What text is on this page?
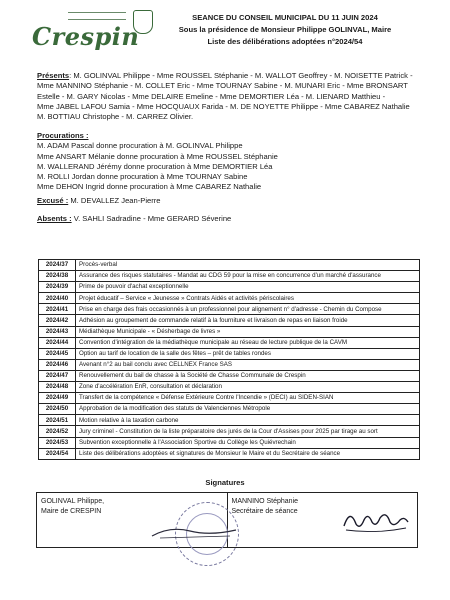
Crespin
SEANCE DU CONSEIL MUNICIPAL DU 11 JUIN 2024
Sous la présidence de Monsieur Philippe GOLINVAL, Maire
Liste des délibérations adoptées n°2024/54
Présents: M. GOLINVAL Philippe - Mme ROUSSEL Stéphanie - M. WALLOT Geoffrey - M. NOISETTE Patrick -
Mme MANNINO Stéphanie - M. COLLET Eric - Mme TOURNAY Sabine - M. MUNARI Eric - Mme BRONSART
Estelle - M. GARY Nicolas - Mme DELAIRE Emeline - Mme DEMORTIER Léa - M. LIENARD Matthieu -
Mme JABEL LAFOU Samia - Mme HOCQUAUX Farida - M. DE NOYETTE Philippe - Mme CABAREZ Nathalie
M. BOTTIAU Christophe - M. CARREZ Olivier.
Procurations :
M. ADAM Pascal donne procuration à M. GOLINVAL Philippe
Mme ANSART Mélanie donne procuration à Mme ROUSSEL Stéphanie
M. WALLERAND Jérémy donne procuration à Mme DEMORTIER Léa
M. ROLLI Jordan donne procuration à Mme TOURNAY Sabine
Mme DEHON Ingrid donne procuration à Mme CABAREZ Nathalie
Excusé : M. DEVALLEZ Jean-Pierre
Absents : V. SAHLI Sadradine - Mme GERARD Séverine
2024/37	Procès-verbal
2024/38	Assurance des risques statutaires - Mandat au CDG 59 pour la mise en concurrence d'un marché d'assurance
2024/39	Prime de pouvoir d'achat exceptionnelle
2024/40	Projet éducatif – Service « Jeunesse » Contrats Aidés et activités périscolaires
2024/41	Prise en charge des frais occasionnés à un professionnel pour alignement n° d'adresse - Chemin du Compose
2024/42	Adhésion au groupement de commande relatif à la fourniture et livraison de repas en liaison froide
2024/43	Médiathèque Municipale - « Désherbage de livres »
2024/44	Convention d'intégration de la médiathèque municipale au réseau de lecture publique de la CAVM
2024/45	Option au tarif de location de la salle des fêtes – prêt de tables rondes
2024/46	Avenant n°2 au bail conclu avec CELLNEX France SAS
2024/47	Renouvellement du bail de chasse à la Société de Chasse Communale de Crespin
2024/48	Zone d'accélération EnR, consultation et déclaration
2024/49	Transfert de la compétence « Défense Extérieure Contre l'Incendie » (DECI) au SIDEN-SIAN
2024/50	Approbation de la modification des statuts de Valenciennes Métropole
2024/51	Motion relative à la taxation carbone
2024/52	Jury criminel - Constitution de la liste préparatoire des jurés de la Cour d'Assises pour 2025 par tirage au sort
2024/53	Subvention exceptionnelle à l'Association Sportive du Collège les Quiévrechain
2024/54	Liste des délibérations adoptées et signatures de Monsieur le Maire et du Secrétaire de séance
Signatures
GOLINVAL Philippe,
Maire de CRESPIN

MANNINO Stéphanie
Secrétaire de séance
